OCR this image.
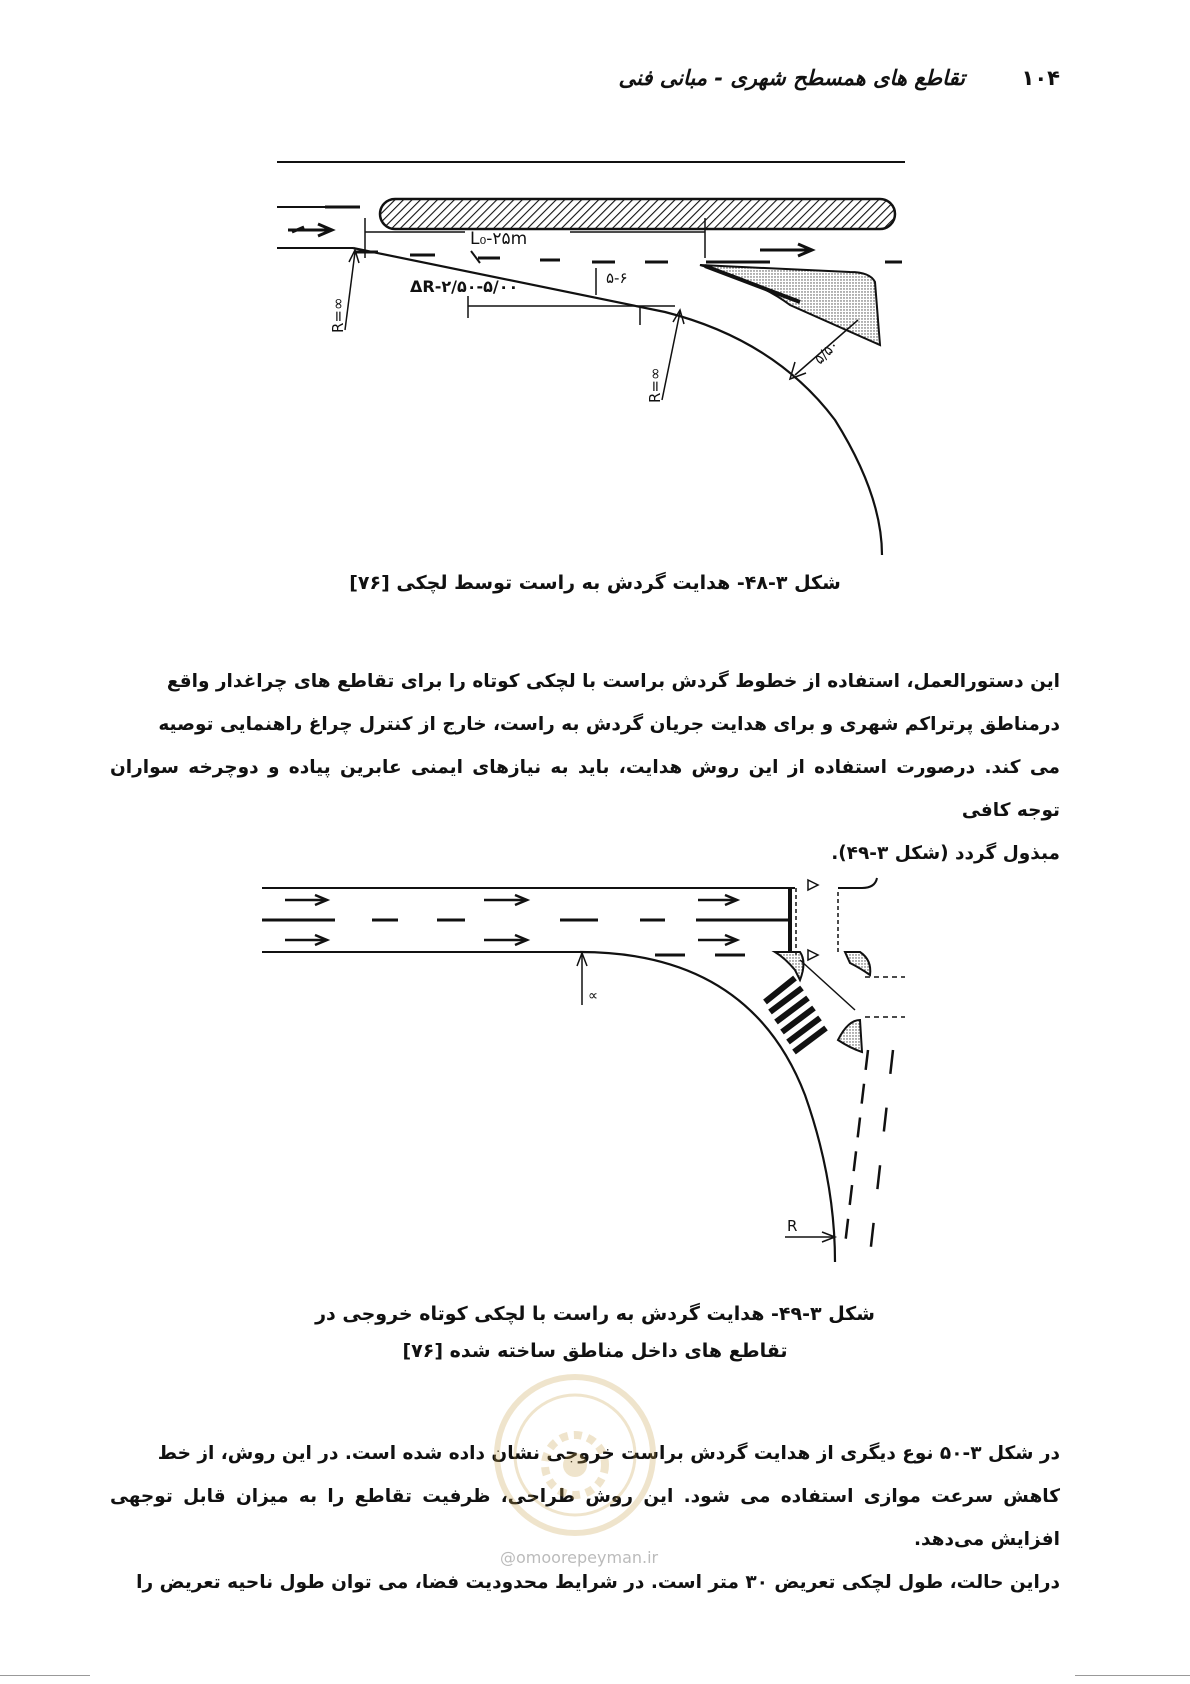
۱۰۴
تقاطع های همسطح شهری - مبانی فنی
L₀-۲۵m
ΔR-۲/۵۰-۵/۰۰	۵-۶
R=∞
R=∞
۵/۵۰
شکل ۳-۴۸- هدایت گردش به راست توسط لچکی [۷۶]

این دستورالعمل، استفاده از خطوط گردش براست با لچکی کوتاه را برای تقاطع های چراغدار واقع

درمناطق پرتراکم شهری و برای هدایت جریان گردش به راست، خارج از کنترل چراغ راهنمایی توصیه

می کند. درصورت استفاده از این روش هدایت، باید به نیازهای ایمنی عابرین پیاده و دوچرخه سواران توجه کافی

مبذول گردد (شکل ۳-۴۹).

∝
R
شکل ۳-۴۹- هدایت گردش به راست با لچکی کوتاه خروجی در
تقاطع های داخل مناطق ساخته شده [۷۶]

در شکل ۳-۵۰ نوع دیگری از هدایت گردش براست خروجی نشان داده شده است. در این روش، از خط

کاهش سرعت موازی استفاده می شود. این روش طراحی، ظرفیت تقاطع را به میزان قابل توجهی افزایش می‌دهد.

دراین حالت، طول لچکی تعریض ۳۰ متر است. در شرایط محدودیت فضا، می توان طول ناحیه تعریض را

@omoorepeyman.ir
